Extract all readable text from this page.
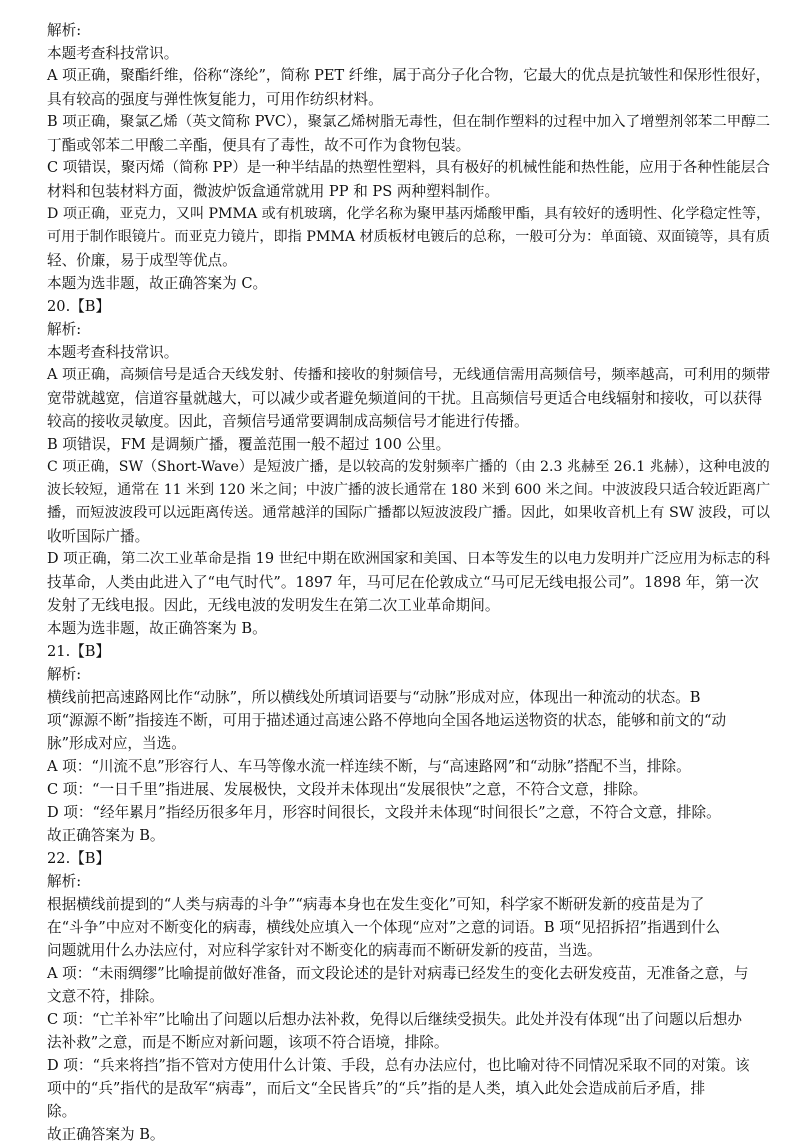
解析:

本题考查科技常识。

A 项正确，聚酯纤维，俗称“涤纶”，简称 PET 纤维，属于高分子化合物，它最大的优点是抗皱性和保形性很好，

具有较高的强度与弹性恢复能力，可用作纺织材料。

B 项正确，聚氯乙烯（英文简称 PVC），聚氯乙烯树脂无毒性，但在制作塑料的过程中加入了增塑剂邻苯二甲醇二

丁酯或邻苯二甲酸二辛酯，便具有了毒性，故不可作为食物包装。

C 项错误，聚丙烯（简称 PP）是一种半结晶的热塑性塑料，具有极好的机械性能和热性能，应用于各种性能层合

材料和包装材料方面，微波炉饭盒通常就用 PP 和 PS 两种塑料制作。

D 项正确，亚克力，又叫 PMMA 或有机玻璃，化学名称为聚甲基丙烯酸甲酯，具有较好的透明性、化学稳定性等，

可用于制作眼镜片。而亚克力镜片，即指 PMMA 材质板材电镀后的总称，一般可分为：单面镜、双面镜等，具有质

轻、价廉，易于成型等优点。

本题为选非题，故正确答案为 C。

20.【B】

解析:

本题考查科技常识。

A 项正确，高频信号是适合天线发射、传播和接收的射频信号，无线通信需用高频信号，频率越高，可利用的频带

宽带就越宽，信道容量就越大，可以减少或者避免频道间的干扰。且高频信号更适合电线辐射和接收，可以获得

较高的接收灵敏度。因此，音频信号通常要调制成高频信号才能进行传播。

B 项错误，FM 是调频广播，覆盖范围一般不超过 100 公里。

C 项正确，SW（Short-Wave）是短波广播，是以较高的发射频率广播的（由 2.3 兆赫至 26.1 兆赫），这种电波的

波长较短，通常在 11 米到 120 米之间；中波广播的波长通常在 180 米到 600 米之间。中波波段只适合较近距离广

播，而短波波段可以远距离传送。通常越洋的国际广播都以短波波段广播。因此，如果收音机上有 SW 波段，可以

收听国际广播。

D 项正确，第二次工业革命是指 19 世纪中期在欧洲国家和美国、日本等发生的以电力发明并广泛应用为标志的科

技革命，人类由此进入了“电气时代”。1897 年，马可尼在伦敦成立“马可尼无线电报公司”。1898 年，第一次

发射了无线电报。因此，无线电波的发明发生在第二次工业革命期间。

本题为选非题，故正确答案为 B。

21.【B】

解析:

横线前把高速路网比作“动脉”，所以横线处所填词语要与“动脉”形成对应，体现出一种流动的状态。B

项“源源不断”指接连不断，可用于描述通过高速公路不停地向全国各地运送物资的状态，能够和前文的“动

脉”形成对应，当选。

A 项：“川流不息”形容行人、车马等像水流一样连续不断，与“高速路网”和“动脉”搭配不当，排除。

C 项：“一日千里”指进展、发展极快，文段并未体现出“发展很快”之意，不符合文意，排除。

D 项：“经年累月”指经历很多年月，形容时间很长，文段并未体现“时间很长”之意，不符合文意，排除。

故正确答案为 B。

22.【B】

解析:

根据横线前提到的“人类与病毒的斗争”“病毒本身也在发生变化”可知，科学家不断研发新的疫苗是为了

在“斗争”中应对不断变化的病毒，横线处应填入一个体现“应对”之意的词语。B 项“见招拆招”指遇到什么

问题就用什么办法应付，对应科学家针对不断变化的病毒而不断研发新的疫苗，当选。

A 项：“未雨绸缪”比喻提前做好准备，而文段论述的是针对病毒已经发生的变化去研发疫苗，无准备之意，与

文意不符，排除。

C 项：“亡羊补牢”比喻出了问题以后想办法补救，免得以后继续受损失。此处并没有体现“出了问题以后想办

法补救”之意，而是不断应对新问题，该项不符合语境，排除。

D 项：“兵来将挡”指不管对方使用什么计策、手段，总有办法应付，也比喻对待不同情况采取不同的对策。该

项中的“兵”指代的是敌军“病毒”，而后文“全民皆兵”的“兵”指的是人类，填入此处会造成前后矛盾，排

除。

故正确答案为 B。
